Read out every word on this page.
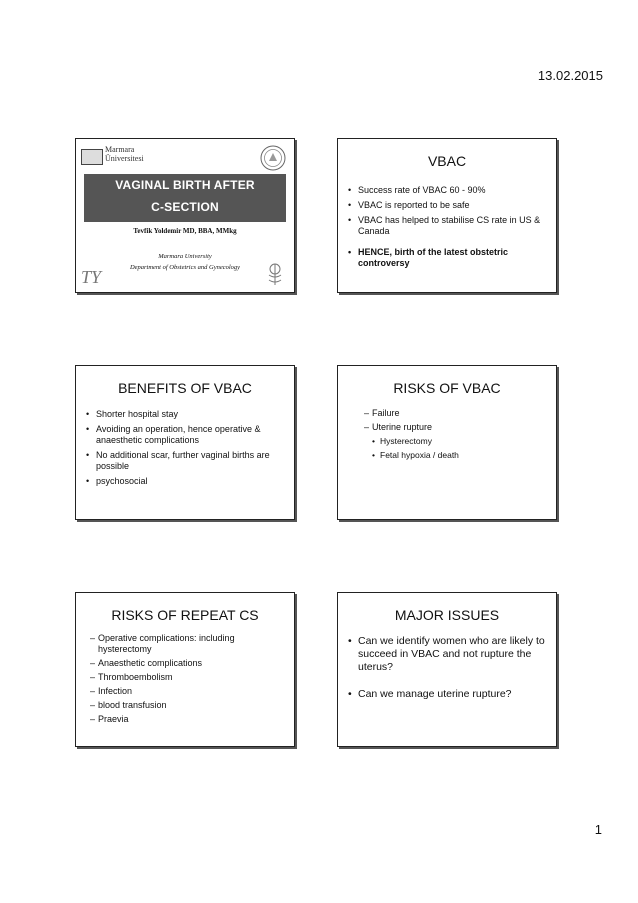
13.02.2015
Marmara
Üniversitesi
VAGINAL BIRTH AFTER
C-SECTION
Tevfik Yoldemir MD, BBA, MMkg
Marmara University
Department of Obstetrics and Gynecology
TY
VBAC
• Success rate of VBAC 60 - 90%
• VBAC is reported to be safe
• VBAC has helped to stabilise CS rate in US & Canada
• HENCE, birth of the latest obstetric controversy
BENEFITS OF VBAC
• Shorter hospital stay
• Avoiding an operation, hence operative & anaesthetic complications
• No additional scar, further vaginal births are possible
• psychosocial
RISKS OF VBAC
– Failure
– Uterine rupture
• Hysterectomy
• Fetal hypoxia / death
RISKS OF REPEAT CS
– Operative complications: including hysterectomy
– Anaesthetic complications
– Thromboembolism
– Infection
– blood transfusion
– Praevia
MAJOR ISSUES
• Can we identify women who are likely to succeed in VBAC and not rupture the uterus?
• Can we manage uterine rupture?
1
